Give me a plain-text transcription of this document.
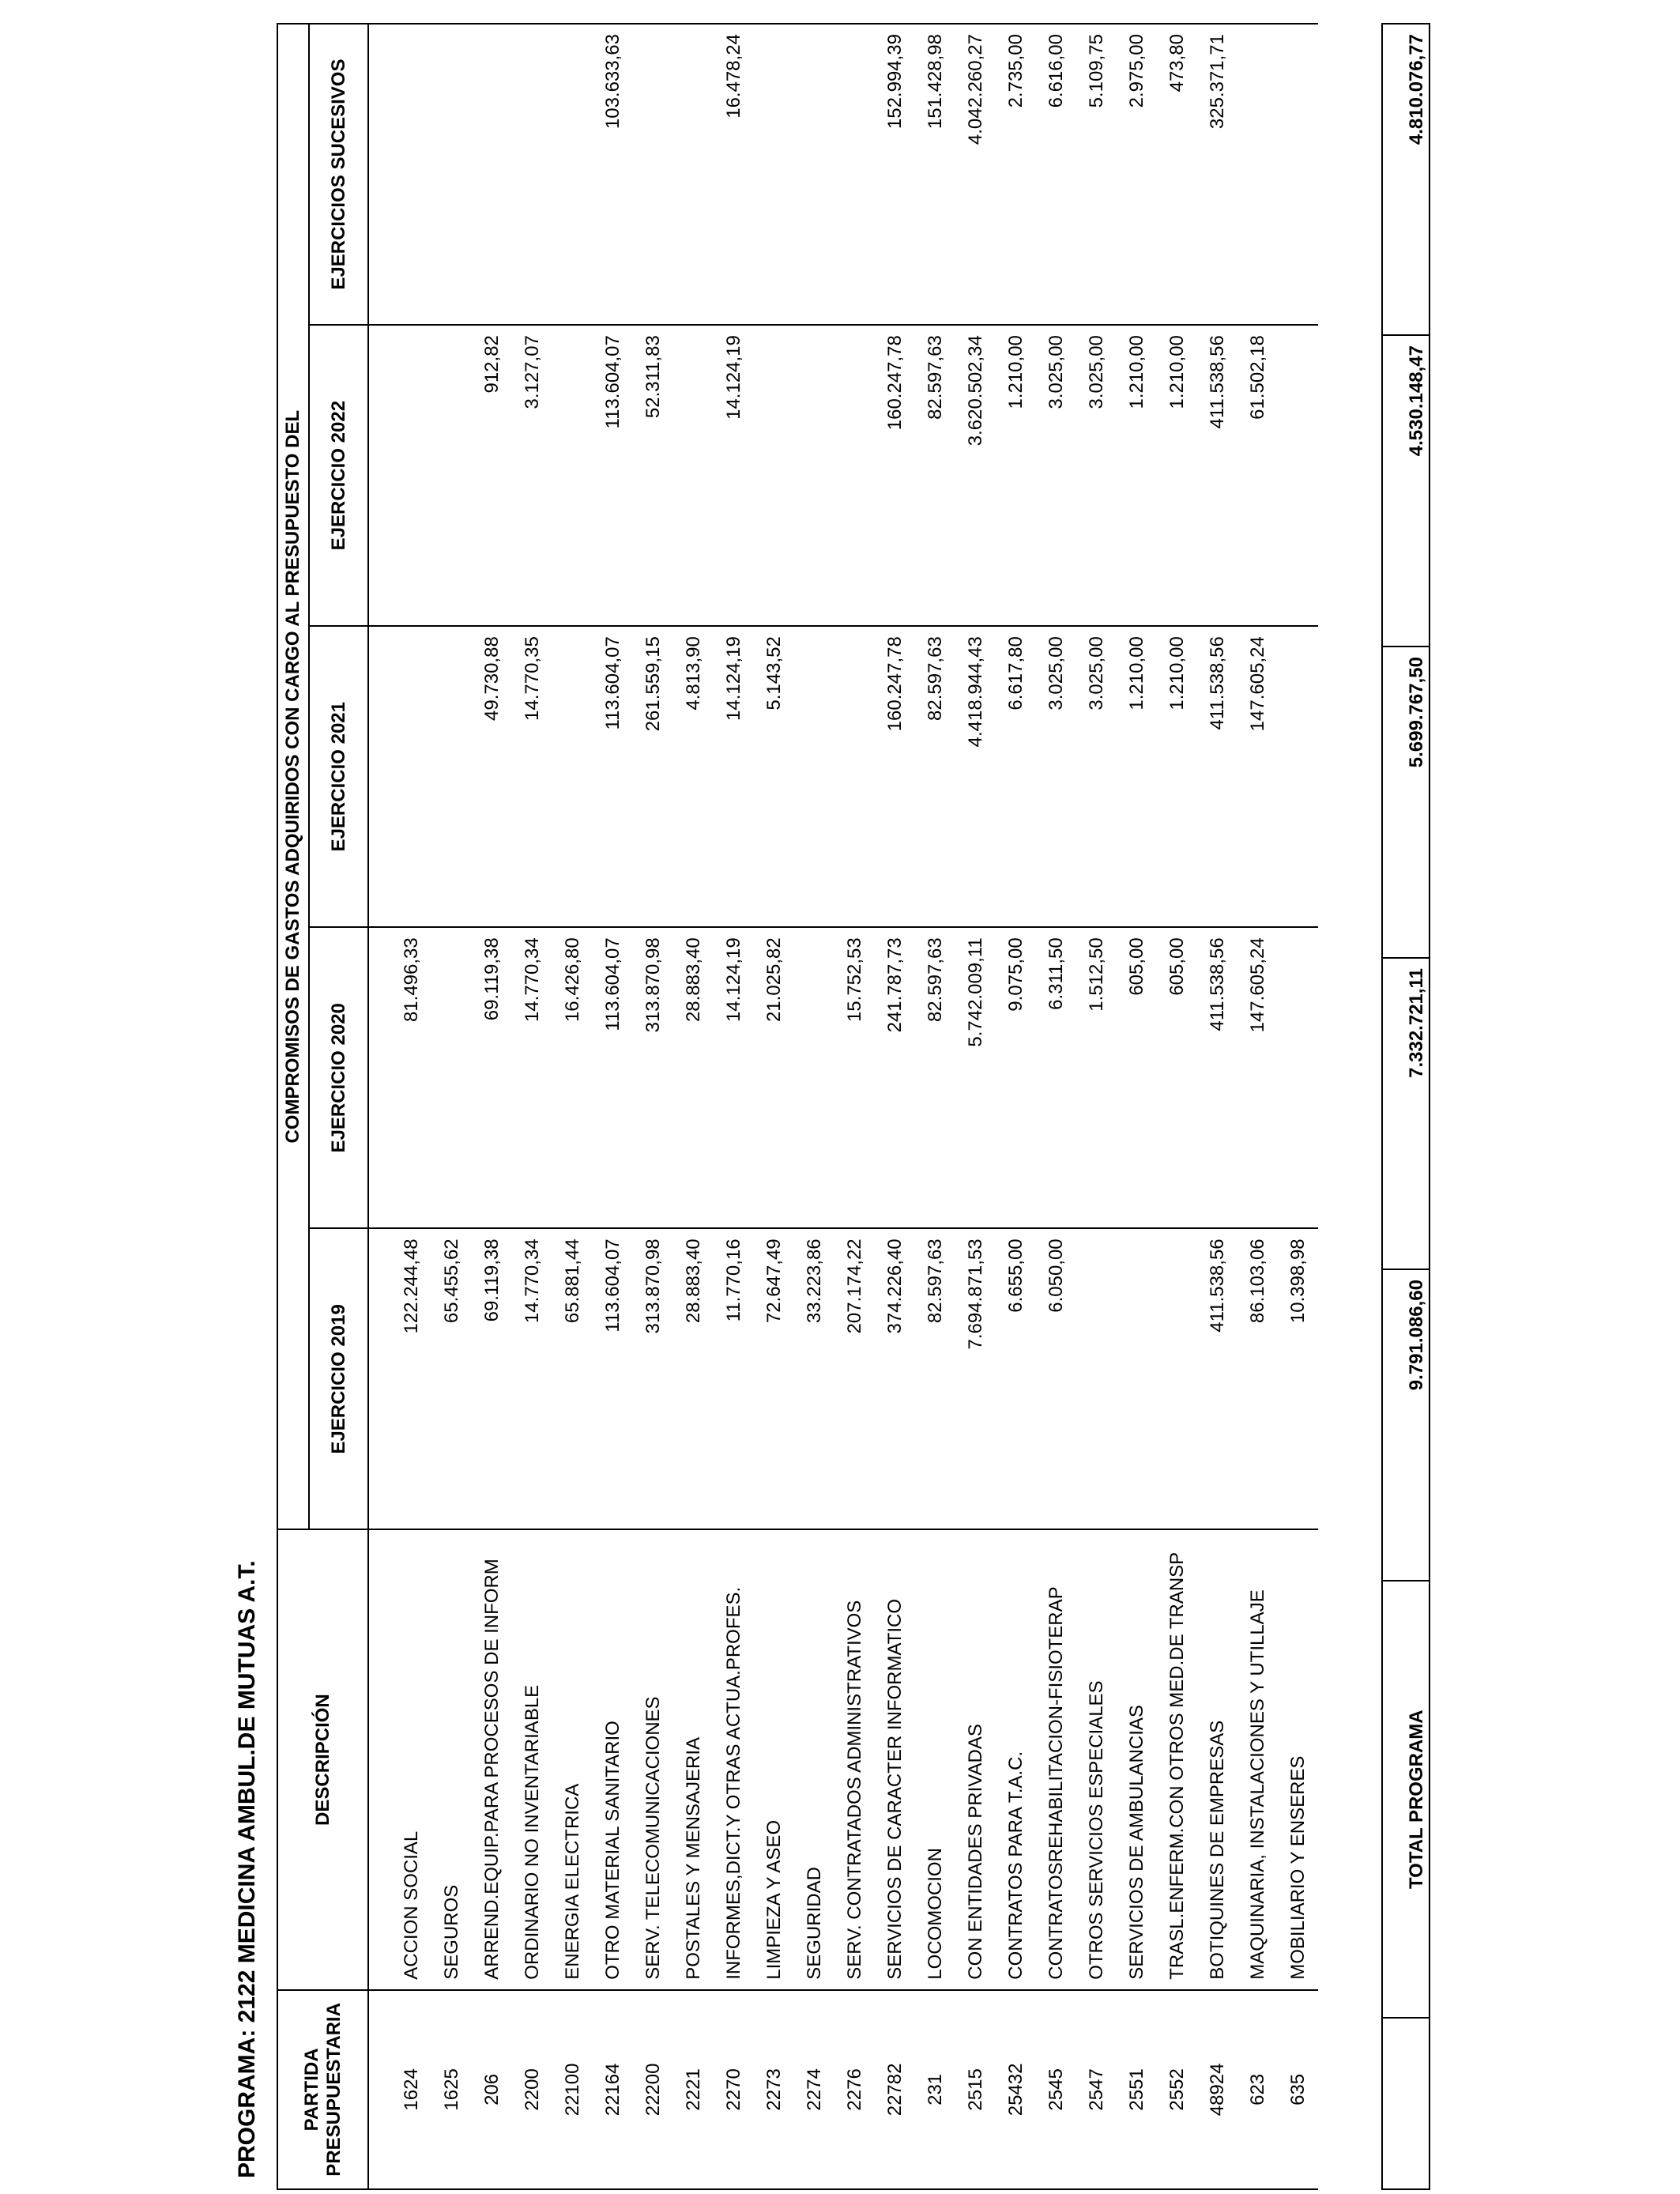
PROGRAMA: 2122 MEDICINA AMBUL.DE MUTUAS A.T. PARTIDA PRESUPUESTARIA	DESCRIPCIÓN	COMPROMISOS DE GASTOS ADQUIRIDOS CON CARGO AL PRESUPUESTO DEL				
		EJERCICIO 2019	EJERCICIO 2020	EJERCICIO 2021	EJERCICIO 2022	EJERCICIOS SUCESIVOS
1624	ACCION SOCIAL	122.244,48	81.496,33			
1625	SEGUROS	65.455,62				
206	ARREND.EQUIP.PARA PROCESOS DE INFORM	69.119,38	69.119,38	49.730,88	912,82	
2200	ORDINARIO NO INVENTARIABLE	14.770,34	14.770,34	14.770,35	3.127,07	
22100	ENERGIA ELECTRICA	65.881,44	16.426,80			
22164	OTRO MATERIAL SANITARIO	113.604,07	113.604,07	113.604,07	113.604,07	103.633,63
22200	SERV. TELECOMUNICACIONES	313.870,98	313.870,98	261.559,15	52.311,83	
2221	POSTALES Y MENSAJERIA	28.883,40	28.883,40	4.813,90		
2270	INFORMES,DICT.Y OTRAS ACTUA.PROFES.	11.770,16	14.124,19	14.124,19	14.124,19	16.478,24
2273	LIMPIEZA Y ASEO	72.647,49	21.025,82	5.143,52		
2274	SEGURIDAD	33.223,86				
2276	SERV. CONTRATADOS ADMINISTRATIVOS	207.174,22	15.752,53			
22782	SERVICIOS DE CARACTER INFORMATICO	374.226,40	241.787,73	160.247,78	160.247,78	152.994,39
231	LOCOMOCION	82.597,63	82.597,63	82.597,63	82.597,63	151.428,98
2515	CON ENTIDADES PRIVADAS	7.694.871,53	5.742.009,11	4.418.944,43	3.620.502,34	4.042.260,27
25432	CONTRATOS PARA T.A.C.	6.655,00	9.075,00	6.617,80	1.210,00	2.735,00
2545	CONTRATOSREHABILITACION-FISIOTERAP	6.050,00	6.311,50	3.025,00	3.025,00	6.616,00
2547	OTROS SERVICIOS ESPECIALES		1.512,50	3.025,00	3.025,00	5.109,75
2551	SERVICIOS DE AMBULANCIAS		605,00	1.210,00	1.210,00	2.975,00
2552	TRASL.ENFERM.CON OTROS MED.DE TRANSP		605,00	1.210,00	1.210,00	473,80
48924	BOTIQUINES DE EMPRESAS	411.538,56	411.538,56	411.538,56	411.538,56	325.371,71
623	MAQUINARIA, INSTALACIONES Y UTILLAJE	86.103,06	147.605,24	147.605,24	61.502,18	
635	MOBILIARIO Y ENSERES	10.398,98				
	TOTAL PROGRAMA	9.791.086,60	7.332.721,11	5.699.767,50	4.530.148,47	4.810.076,77
